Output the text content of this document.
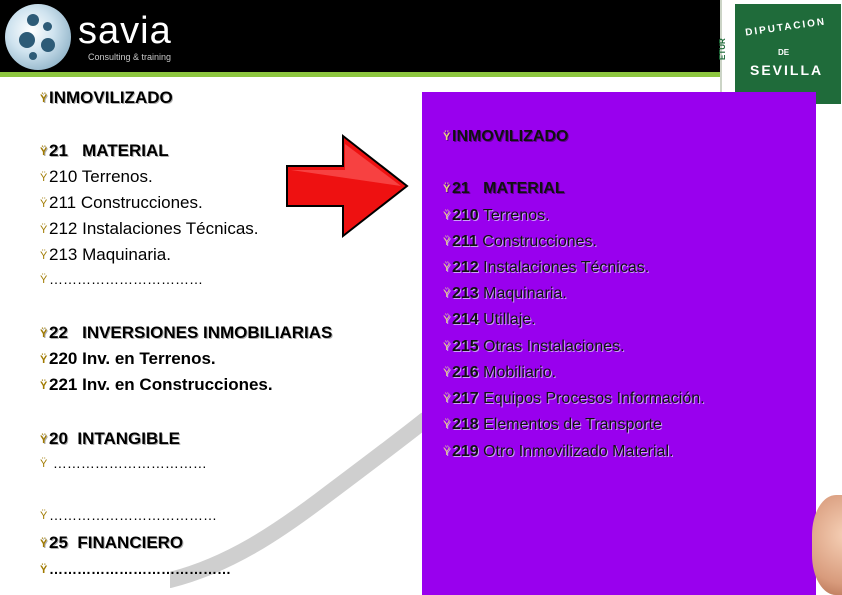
savia
Consulting & training
DIPUTACION
DE
SEVILLA
ETUR
ŸINMOVILIZADO
Ÿ21 MATERIAL
Ÿ210 Terrenos.
Ÿ211 Construcciones.
Ÿ212 Instalaciones Técnicas.
Ÿ213 Maquinaria.
Ÿ ……………………………
Ÿ22 INVERSIONES INMOBILIARIAS
Ÿ220 Inv. en Terrenos.
Ÿ221 Inv. en Construcciones.
Ÿ20 INTANGIBLE
Ÿ ……………………………
Ÿ ………………………………
Ÿ25 FINANCIERO
Ÿ …………………………………
Ÿ INMOVILIZADO
Ÿ 21 MATERIAL
Ÿ 210 Terrenos.
Ÿ 211 Construcciones.
Ÿ 212 Instalaciones Técnicas.
Ÿ 213 Maquinaria.
Ÿ 214 Utillaje.
Ÿ 215 Otras Instalaciones.
Ÿ 216 Mobiliario.
Ÿ 217 Equipos Procesos Información.
Ÿ 218 Elementos de Transporte
Ÿ 219 Otro Inmovilizado Material.
